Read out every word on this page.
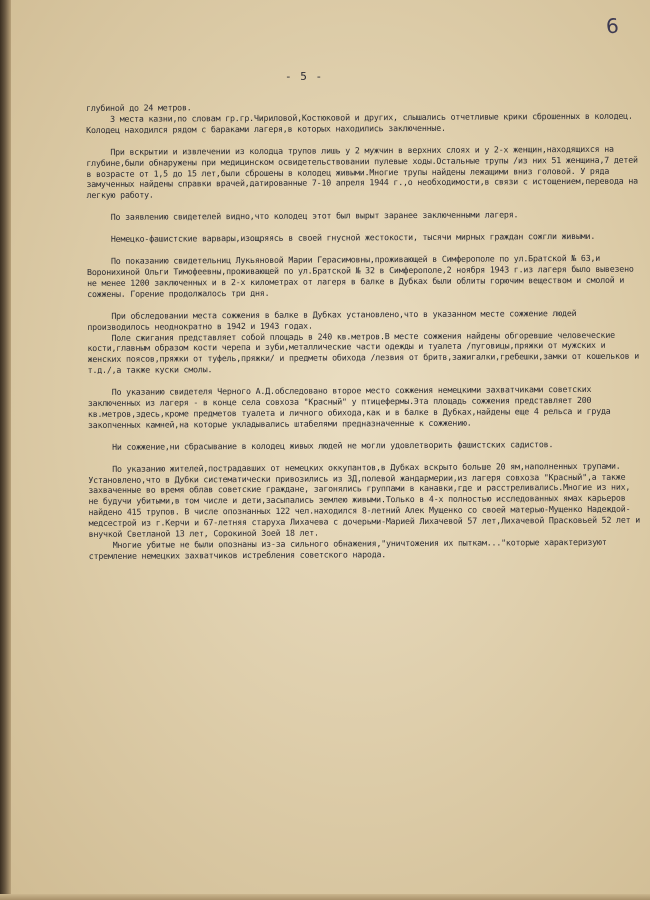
6
- 5 -

глубиной до 24 метров.

3 места казни,по словам гр.гр.Чириловой,Костюковой и других, слышались отчетливые крики сброшенных в колодец. Колодец находился рядом с бараками лагеря,в которых находились заключенные.

При вскрытии и извлечении из колодца трупов лишь у 2 мужчин в верхних слоях и у 2-х женщин,находящихся на глубине,были обнаружены при медицинском освидетельствовании пулевые ходы.Остальные трупы /из них 51 женщина,7 детей в возрасте от 1,5 до 15 лет,были сброшены в колодец живыми.Многие трупы найдены лежащими вниз головой. У ряда замученных найдены справки врачей,датированные 7-10 апреля 1944 г.,о необходимости,в связи с истощением,перевода на легкую работу.

По заявлению свидетелей видно,что колодец этот был вырыт заранее заключенными лагеря.

Немецко-фашистские варвары,изощряясь в своей гнусной жестокости, тысячи мирных граждан сожгли живыми.

По показанию свидетельниц Лукьяновой Марии Герасимовны,проживающей в Симферополе по ул.Братской № 63,и Ворониxиной Ольги Тимофеевны,проживающей по ул.Братской № 32 в Симферополе,2 ноября 1943 г.из лагеря было вывезено не менее 1200 заключенных и в 2-х километрах от лагеря в балке в Дубках были облиты горючим веществом и смолой и сожжены. Горение продолжалось три дня.

При обследовании места сожжения в балке в Дубках установлено,что в указанном месте сожжение людей производилось неоднократно в 1942 и 1943 годах.

Поле сжигания представляет собой площадь в 240 кв.метров.В месте сожжения найдены обгоревшие человеческие кости,главным образом кости черепа и зуби,металлические части одежды и туалета /пуговицы,пряжки от мужских и женских поясов,пряжки от туфель,пряжки/ и предметы обихода /лезвия от бритв,зажигалки,гребешки,замки от кошельков и т.д./,а также куски смолы.

По указанию свидетеля Черного А.Д.обследовано второе место сожжения немецкими захватчиками советских заключенных из лагеря - в конце села совхоза "Красный" у птицефермы.Эта площадь сожжения представляет 200 кв.метров,здесь,кроме предметов туалета и личного обихода,как и в балке в Дубках,найдены еще 4 рельса и груда закопченных камней,на которые укладывались штабелями предназначенные к сожжению.

Ни сожжение,ни сбрасывание в колодец живых людей не могли удовлетворить фашистских садистов.

По указанию жителей,пострадавших от немецких оккупантов,в Дубках вскрыто больше 20 ям,наполненных трупами. Установлено,что в Дубки систематически привозились из ЗД,полевой жандармерии,из лагеря совхоза "Красный",а также захваченные во время облав советские граждане, загонялись группами в канавки,где и расстреливались.Многие из них, не будучи убитыми,в том числе и дети,засыпались землею живыми.Только в 4-х полностью исследованных ямах карьеров найдено 415 трупов. В числе опознанных 122 чел.находился 8-летний Алек Мущенко со своей матерью-Мущенко Надеждой-медсестрой из г.Керчи и 67-летняя старуха Лихачева с дочерьми-Марией Лихачевой 57 лет,Лихачевой Прасковьей 52 лет и внучкой Светланой 13 лет, Сорокиной Зоей 18 лет.

Многие убитые не были опознаны из-за сильного обнажения,"уничтожения их пыткам..."которые характеризуют стремление немецких захватчиков истребления советского народа.
